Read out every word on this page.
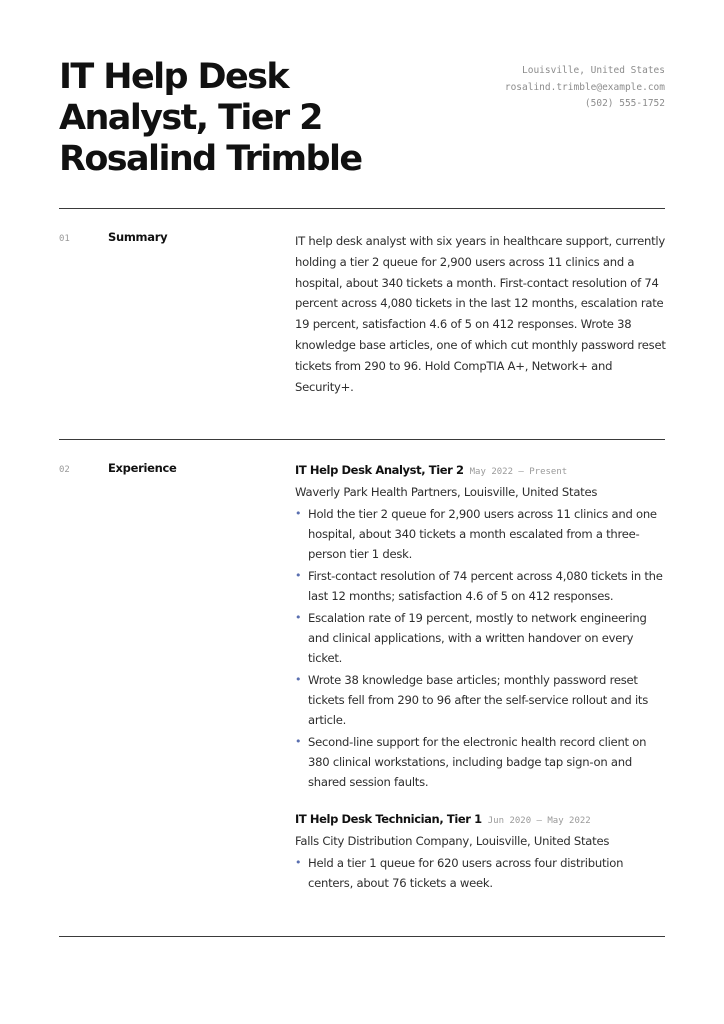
IT Help Desk
Analyst, Tier 2
Rosalind Trimble
Louisville, United States
rosalind.trimble@example.com
(502) 555-1752
01	Summary	IT help desk analyst with six years in healthcare support, currently holding a tier 2 queue for 2,900 users across 11 clinics and a hospital, about 340 tickets a month. First-contact resolution of 74 percent across 4,080 tickets in the last 12 months, escalation rate 19 percent, satisfaction 4.6 of 5 on 412 responses. Wrote 38 knowledge base articles, one of which cut monthly password reset tickets from 290 to 96. Hold CompTIA A+, Network+ and Security+.
02	Experience	IT Help Desk Analyst, Tier 2 May 2022 — Present
Waverly Park Health Partners, Louisville, United States
• Hold the tier 2 queue for 2,900 users across 11 clinics and one hospital, about 340 tickets a month escalated from a three-person tier 1 desk.
• First-contact resolution of 74 percent across 4,080 tickets in the last 12 months; satisfaction 4.6 of 5 on 412 responses.
• Escalation rate of 19 percent, mostly to network engineering and clinical applications, with a written handover on every ticket.
• Wrote 38 knowledge base articles; monthly password reset tickets fell from 290 to 96 after the self-service rollout and its article.
• Second-line support for the electronic health record client on 380 clinical workstations, including badge tap sign-on and shared session faults.
IT Help Desk Technician, Tier 1 Jun 2020 — May 2022
Falls City Distribution Company, Louisville, United States
• Held a tier 1 queue for 620 users across four distribution centers, about 76 tickets a week.
